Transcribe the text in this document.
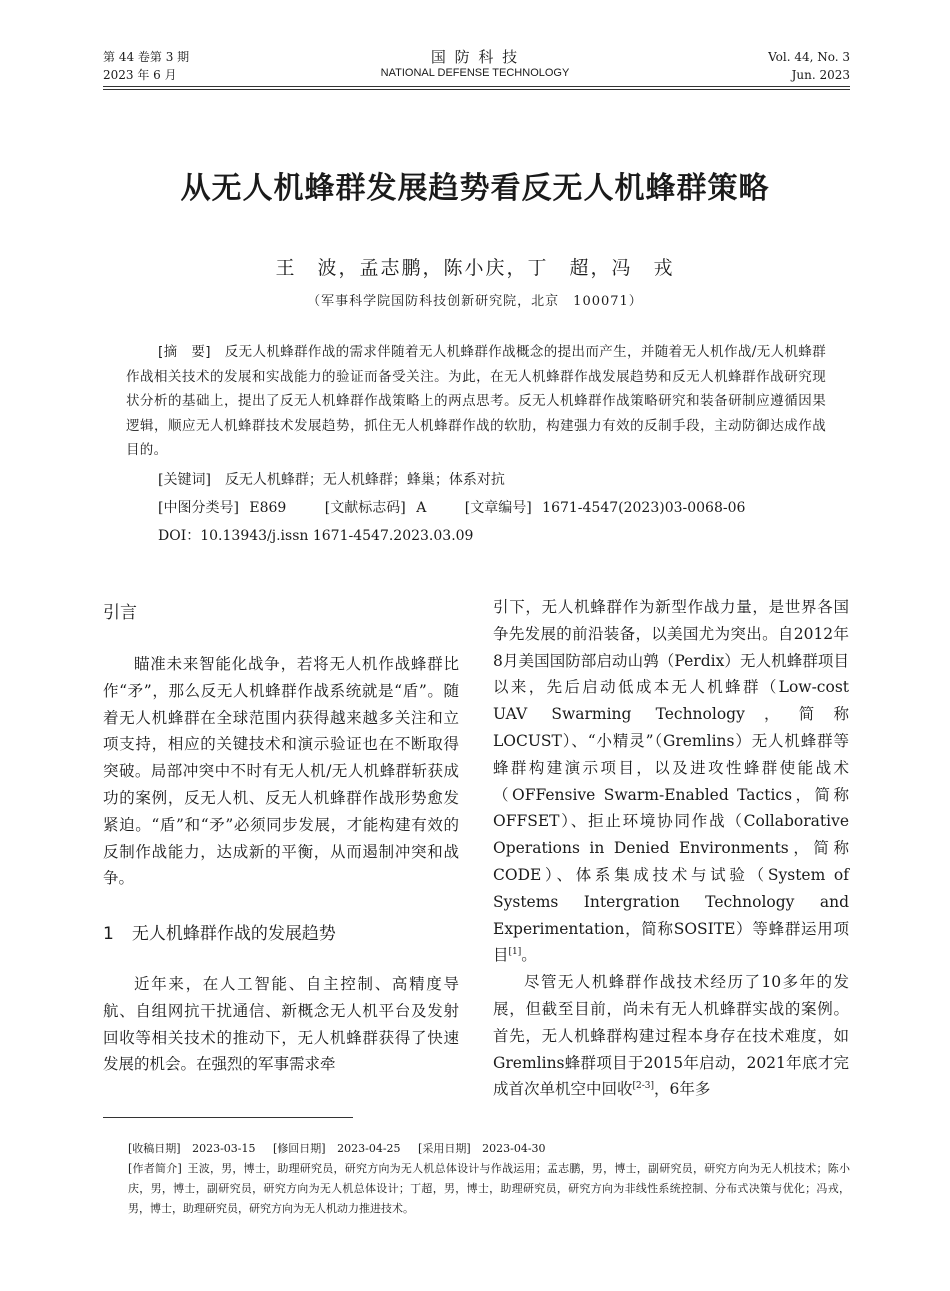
第 44 卷第 3 期
2023 年 6 月
国 防 科 技
NATIONAL DEFENSE TECHNOLOGY
Vol. 44, No. 3
Jun. 2023
从无人机蜂群发展趋势看反无人机蜂群策略
王　波，孟志鹏，陈小庆，丁　超，冯　戎
（军事科学院国防科技创新研究院，北京　100071）
[摘　要]  反无人机蜂群作战的需求伴随着无人机蜂群作战概念的提出而产生，并随着无人机作战/无人机蜂群作战相关技术的发展和实战能力的验证而备受关注。为此，在无人机蜂群作战发展趋势和反无人机蜂群作战研究现状分析的基础上，提出了反无人机蜂群作战策略上的两点思考。反无人机蜂群作战策略研究和装备研制应遵循因果逻辑，顺应无人机蜂群技术发展趋势，抓住无人机蜂群作战的软肋，构建强力有效的反制手段，主动防御达成作战目的。
[关键词]  反无人机蜂群；无人机蜂群；蜂巢；体系对抗
[中图分类号] E869	[文献标志码] A	[文章编号] 1671-4547(2023)03-0068-06
DOI：10.13943/j.issn 1671-4547.2023.03.09
引言

瞄准未来智能化战争，若将无人机作战蜂群比作“矛”，那么反无人机蜂群作战系统就是“盾”。随着无人机蜂群在全球范围内获得越来越多关注和立项支持，相应的关键技术和演示验证也在不断取得突破。局部冲突中不时有无人机/无人机蜂群斩获成功的案例，反无人机、反无人机蜂群作战形势愈发紧迫。“盾”和“矛”必须同步发展，才能构建有效的反制作战能力，达成新的平衡，从而遏制冲突和战争。

1 无人机蜂群作战的发展趋势

近年来，在人工智能、自主控制、高精度导航、自组网抗干扰通信、新概念无人机平台及发射回收等相关技术的推动下，无人机蜂群获得了快速发展的机会。在强烈的军事需求牵

引下，无人机蜂群作为新型作战力量，是世界各国争先发展的前沿装备，以美国尤为突出。自2012年8月美国国防部启动山鹑（Perdix）无人机蜂群项目以来，先后启动低成本无人机蜂群（Low-cost UAV Swarming Technology，简称LOCUST）、“小精灵”（Gremlins）无人机蜂群等蜂群构建演示项目，以及进攻性蜂群使能战术（OFFensive Swarm-Enabled Tactics，简称OFFSET）、拒止环境协同作战（Collaborative Operations in Denied Environments，简称CODE）、体系集成技术与试验（System of Systems Intergration Technology and Experimentation，简称SOSITE）等蜂群运用项目[1]。

尽管无人机蜂群作战技术经历了10多年的发展，但截至目前，尚未有无人机蜂群实战的案例。首先，无人机蜂群构建过程本身存在技术难度，如Gremlins蜂群项目于2015年启动，2021年底才完成首次单机空中回收[2-3]，6年多

[收稿日期] 2023-03-15 [修回日期] 2023-04-25 [采用日期] 2023-04-30
[作者简介]  王波，男，博士，助理研究员，研究方向为无人机总体设计与作战运用；孟志鹏，男，博士，副研究员，研究方向为无人机技术；陈小庆，男，博士，副研究员，研究方向为无人机总体设计；丁超，男，博士，助理研究员，研究方向为非线性系统控制、分布式决策与优化；冯戎，男，博士，助理研究员，研究方向为无人机动力推进技术。
